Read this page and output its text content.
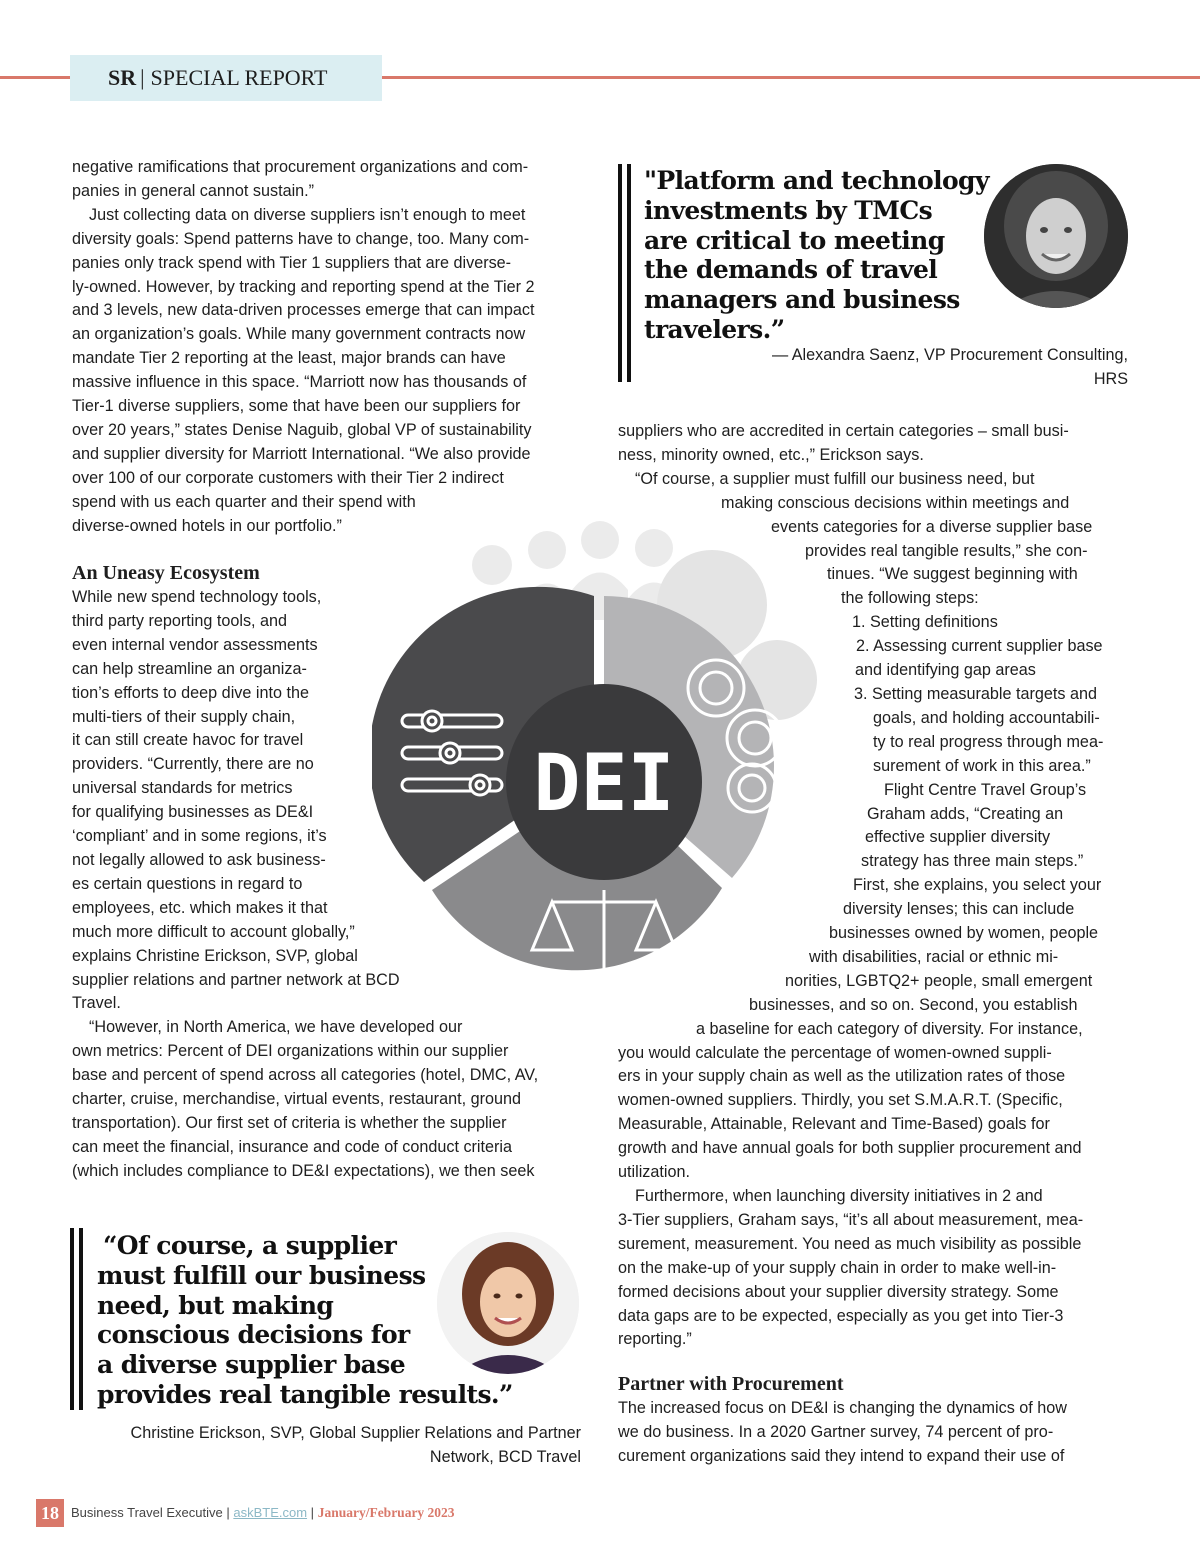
SR | SPECIAL REPORT

negative ramifications that procurement organizations and com-

panies in general cannot sustain.”

Just collecting data on diverse suppliers isn’t enough to meet

diversity goals: Spend patterns have to change, too. Many com-

panies only track spend with Tier 1 suppliers that are diverse-

ly-owned. However, by tracking and reporting spend at the Tier 2

and 3 levels, new data-driven processes emerge that can impact

an organization’s goals. While many government contracts now

mandate Tier 2 reporting at the least, major brands can have

massive influence in this space. “Marriott now has thousands of

Tier-1 diverse suppliers, some that have been our suppliers for

over 20 years,” states Denise Naguib, global VP of sustainability

and supplier diversity for Marriott International. “We also provide

over 100 of our corporate customers with their Tier 2 indirect

spend with us each quarter and their spend with

diverse-owned hotels in our portfolio.”

An Uneasy Ecosystem

While new spend technology tools,

third party reporting tools, and

even internal vendor assessments

can help streamline an organiza-

tion’s efforts to deep dive into the

multi-tiers of their supply chain,

it can still create havoc for travel

providers. “Currently, there are no

universal standards for metrics

for qualifying businesses as DE&I

‘compliant’ and in some regions, it’s

not legally allowed to ask business-

es certain questions in regard to

employees, etc. which makes it that

much more difficult to account globally,”

explains Christine Erickson, SVP, global

supplier relations and partner network at BCD

Travel.

“However, in North America, we have developed our

own metrics: Percent of DEI organizations within our supplier

base and percent of spend across all categories (hotel, DMC, AV,

charter, cruise, merchandise, virtual events, restaurant, ground

transportation). Our first set of criteria is whether the supplier

can meet the financial, insurance and code of conduct criteria

(which includes compliance to DE&I expectations), we then seek

"Platform and technology
investments by TMCs
are critical to meeting
the demands of travel
managers and business
travelers.”
— Alexandra Saenz, VP Procurement Consulting,
HRS
DEI

suppliers who are accredited in certain categories – small busi-

ness, minority owned, etc.,” Erickson says.

“Of course, a supplier must fulfill our business need, but

making conscious decisions within meetings and

events categories for a diverse supplier base

provides real tangible results,” she con-

tinues. “We suggest beginning with

the following steps:

1. Setting definitions

2. Assessing current supplier base

and identifying gap areas

3. Setting measurable targets and

goals, and holding accountabili-

ty to real progress through mea-

surement of work in this area.”

Flight Centre Travel Group’s

Graham adds, “Creating an

effective supplier diversity

strategy has three main steps.”

First, she explains, you select your

diversity lenses; this can include

businesses owned by women, people

with disabilities, racial or ethnic mi-

norities, LGBTQ2+ people, small emergent

businesses, and so on. Second, you establish

a baseline for each category of diversity. For instance,

you would calculate the percentage of women-owned suppli-

ers in your supply chain as well as the utilization rates of those

women-owned suppliers. Thirdly, you set S.M.A.R.T. (Specific,

Measurable, Attainable, Relevant and Time-Based) goals for

growth and have annual goals for both supplier procurement and

utilization.

Furthermore, when launching diversity initiatives in 2 and

3-Tier suppliers, Graham says, “it’s all about measurement, mea-

surement, measurement. You need as much visibility as possible

on the make-up of your supply chain in order to make well-in-

formed decisions about your supplier diversity strategy. Some

data gaps are to be expected, especially as you get into Tier-3

reporting.”

Partner with Procurement

The increased focus on DE&I is changing the dynamics of how

we do business. In a 2020 Gartner survey, 74 percent of pro-

curement organizations said they intend to expand their use of

“Of course, a supplier
must fulfill our business
need, but making
conscious decisions for
a diverse supplier base
provides real tangible results.”
Christine Erickson, SVP, Global Supplier Relations and Partner
Network, BCD Travel
18 Business Travel Executive | askBTE.com | January/February 2023
